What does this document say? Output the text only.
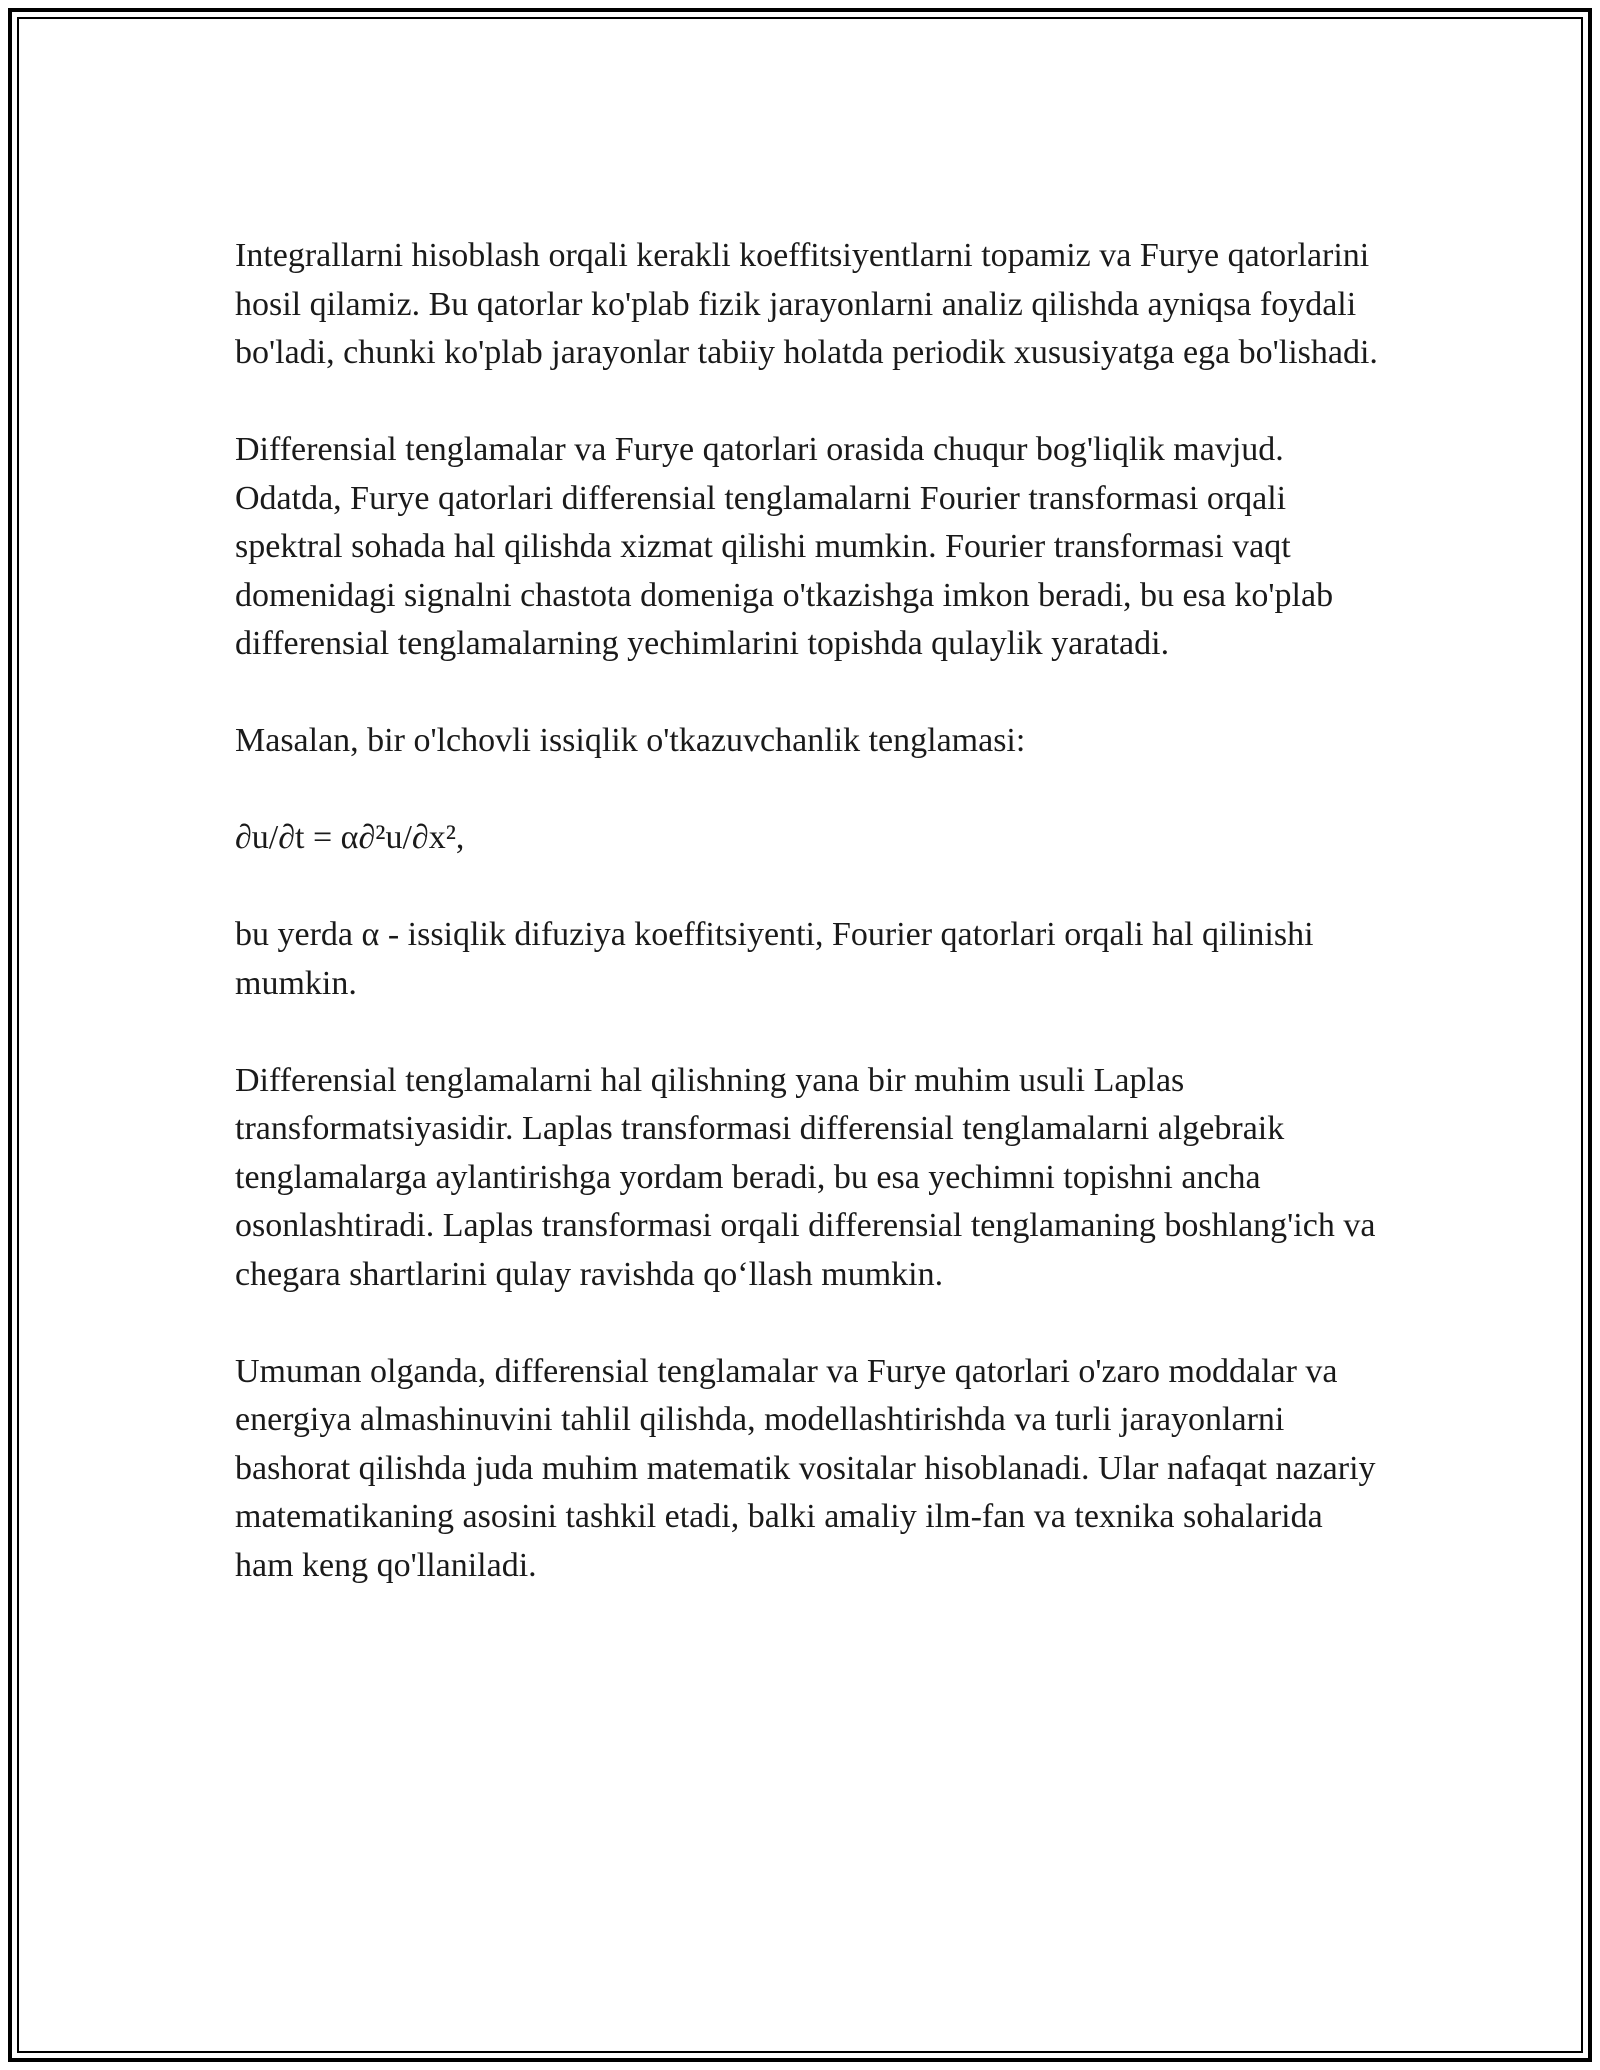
Integrallarni hisoblash orqali kerakli koeffitsiyentlarni topamiz va Furye qatorlarini hosil qilamiz. Bu qatorlar ko'plab fizik jarayonlarni analiz qilishda ayniqsa foydali bo'ladi, chunki ko'plab jarayonlar tabiiy holatda periodik xususiyatga ega bo'lishadi.

Differensial tenglamalar va Furye qatorlari orasida chuqur bog'liqlik mavjud. Odatda, Furye qatorlari differensial tenglamalarni Fourier transformasi orqali spektral sohada hal qilishda xizmat qilishi mumkin. Fourier transformasi vaqt domenidagi signalni chastota domeniga o'tkazishga imkon beradi, bu esa ko'plab differensial tenglamalarning yechimlarini topishda qulaylik yaratadi.

Masalan, bir o'lchovli issiqlik o'tkazuvchanlik tenglamasi:

∂u/∂t = α∂²u/∂x²,

bu yerda α - issiqlik difuziya koeffitsiyenti, Fourier qatorlari orqali hal qilinishi mumkin.

Differensial tenglamalarni hal qilishning yana bir muhim usuli Laplas transformatsiyasidir. Laplas transformasi differensial tenglamalarni algebraik tenglamalarga aylantirishga yordam beradi, bu esa yechimni topishni ancha osonlashtiradi. Laplas transformasi orqali differensial tenglamaning boshlang'ich va chegara shartlarini qulay ravishda qo‘llash mumkin.

Umuman olganda, differensial tenglamalar va Furye qatorlari o'zaro moddalar va energiya almashinuvini tahlil qilishda, modellashtirishda va turli jarayonlarni bashorat qilishda juda muhim matematik vositalar hisoblanadi. Ular nafaqat nazariy matematikaning asosini tashkil etadi, balki amaliy ilm-fan va texnika sohalarida ham keng qo'llaniladi.
